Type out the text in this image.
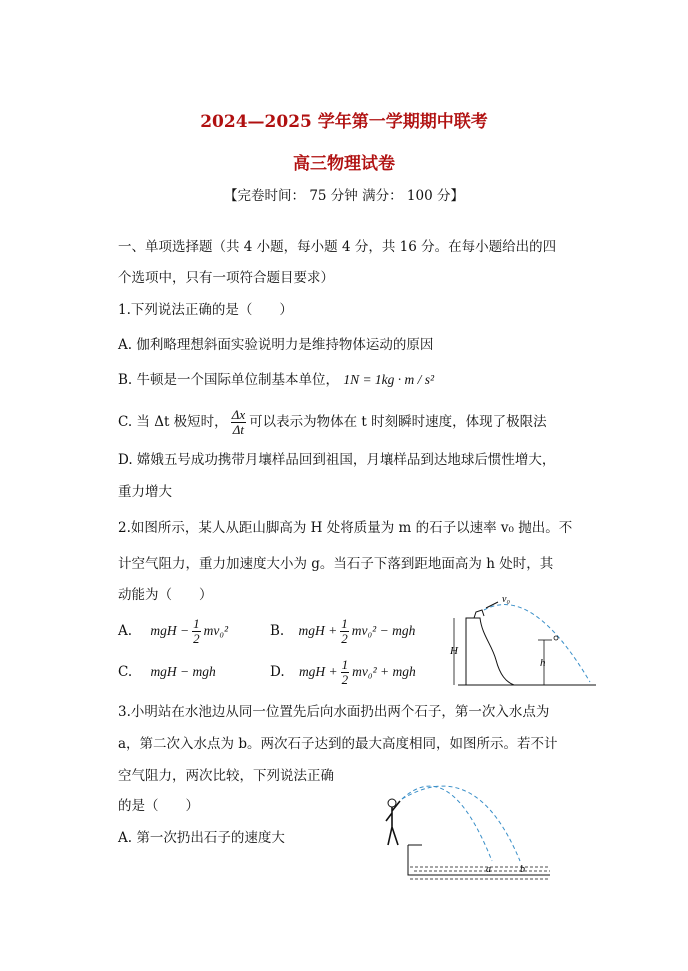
2024—2025 学年第一学期期中联考
高三物理试卷
【完卷时间： 75 分钟 满分： 100 分】
一、单项选择题（共 4 小题，每小题 4 分，共 16 分。在每小题给出的四
个选项中，只有一项符合题目要求）
1.下列说法正确的是（　　）
A. 伽利略理想斜面实验说明力是维持物体运动的原因
B. 牛顿是一个国际单位制基本单位， 1N = 1kg · m / s²
C. 当 Δt 极短时， $\frac{\Delta x}{\Delta t}$ 可以表示为物体在 t 时刻瞬时速度，体现了极限法
D. 嫦娥五号成功携带月壤样品回到祖国，月壤样品到达地球后惯性增大，
重力增大
2.如图所示，某人从距山脚高为 H 处将质量为 m 的石子以速率 v₀ 抛出。不
计空气阻力，重力加速度大小为 g。当石子下落到距地面高为 h 处时，其
动能为（　　）
A. mgH − $\frac{1}{2} mv_0^2$	B. mgH + $\frac{1}{2} mv_0^2$ − mgh
C. mgH − mgh	D. mgH + $\frac{1}{2} mv_0^2$ + mgh
v₀
H
h
3.小明站在水池边从同一位置先后向水面扔出两个石子，第一次入水点为
a，第二次入水点为 b。两次石子达到的最大高度相同，如图所示。若不计
空气阻力，两次比较，下列说法正确
的是（　　）
A. 第一次扔出石子的速度大
a	b
